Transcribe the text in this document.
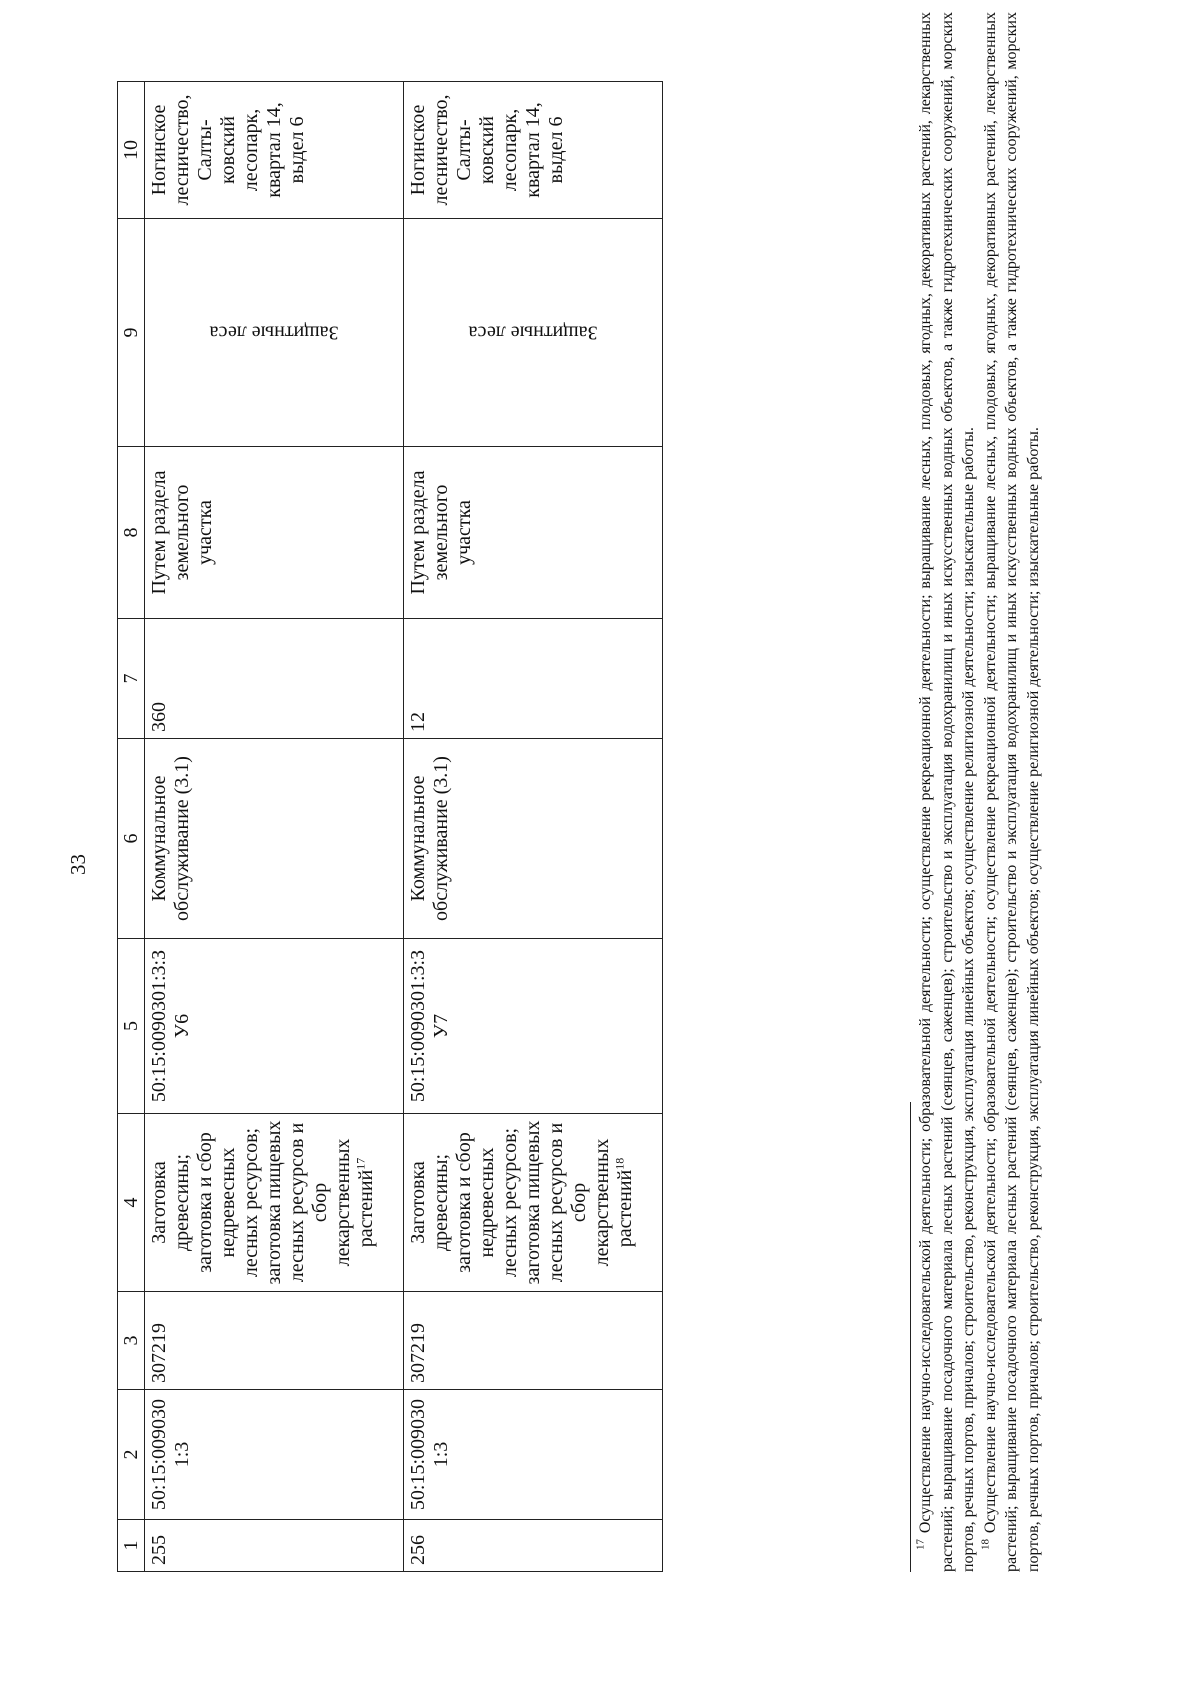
33
1	2	3	4	5	6	7	8	9	10
255	50:15:0090301:3	307219	Заготовка древесины; заготовка и сбор недревесных лесных ресурсов; заготовка пищевых лесных ресурсов и сбор лекарственных растений$^{17}$	50:15:0090301:3:ЗУ6	Коммунальное обслуживание (3.1)	360	Путем раздела земельного участка	Защитные леса	Ногинское лесничество, Салты-ковский лесопарк, квартал 14, выдел 6
256	50:15:0090301:3	307219	Заготовка древесины; заготовка и сбор недревесных лесных ресурсов; заготовка пищевых лесных ресурсов и сбор лекарственных растений$^{18}$	50:15:0090301:3:ЗУ7	Коммунальное обслуживание (3.1)	12	Путем раздела земельного участка	Защитные леса	Ногинское лесничество, Салты-ковский лесопарк, квартал 14, выдел 6

$^{17}$ Осуществление научно-исследовательской деятельности; образовательной деятельности; осуществление рекреационной деятельности; выращивание лесных, плодовых, ягодных, декоративных растений, лекарственных растений; выращивание посадочного материала лесных растений (сеянцев, саженцев); строительство и эксплуатация водохранилищ и иных искусственных водных объектов, а также гидротехнических сооружений, морских портов, речных портов, причалов; строительство, реконструкция, эксплуатация линейных объектов; осуществление религиозной деятельности; изыскательные работы. $^{18}$ Осуществление научно-исследовательской деятельности; образовательной деятельности; осуществление рекреационной деятельности; выращивание лесных, плодовых, ягодных, декоративных растений, лекарственных растений; выращивание посадочного материала лесных растений (сеянцев, саженцев); строительство и эксплуатация водохранилищ и иных искусственных водных объектов, а также гидротехнических сооружений, морских портов, речных портов, причалов; строительство, реконструкция, эксплуатация линейных объектов; осуществление религиозной деятельности; изыскательные работы.
